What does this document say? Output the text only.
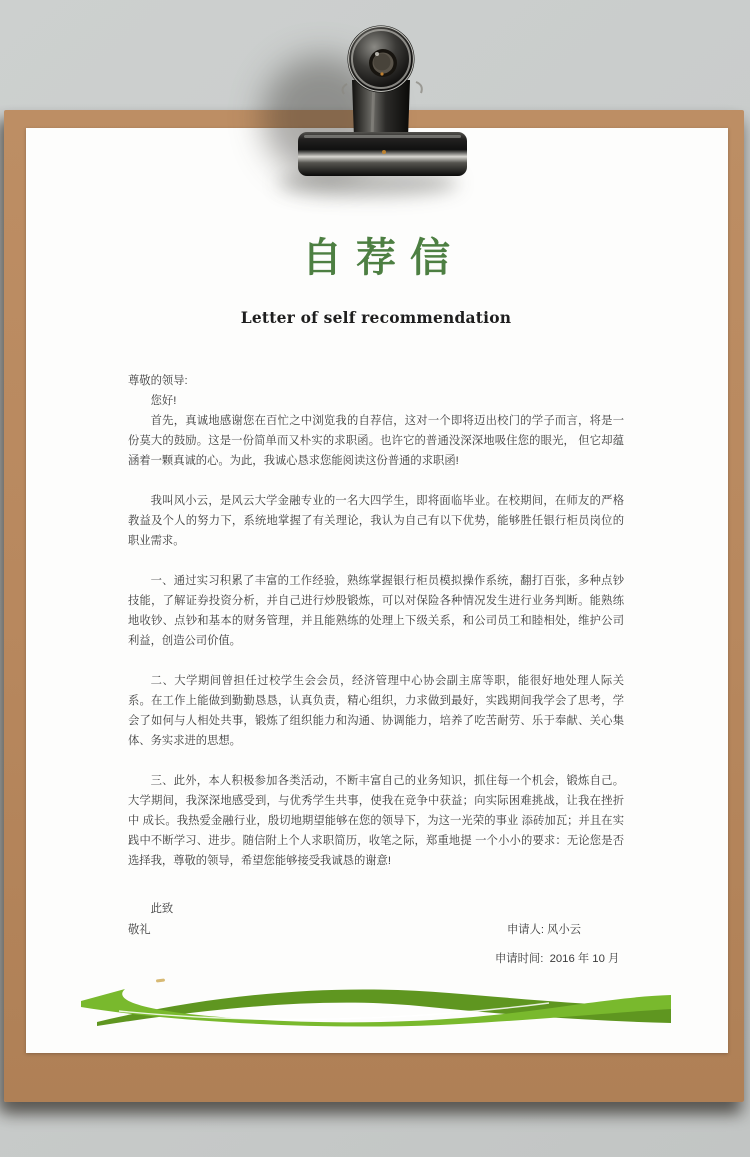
自荐信
Letter of self recommendation

尊敬的领导:

您好!

首先，真诚地感谢您在百忙之中浏览我的自荐信，这对一个即将迈出校门的学子而言，将是一份莫大的鼓励。这是一份简单而又朴实的求职函。也许它的普通没深深地吸住您的眼光， 但它却蕴涵着一颗真诚的心。为此，我诚心恳求您能阅读这份普通的求职函!

我叫风小云，是风云大学金融专业的一名大四学生，即将面临毕业。在校期间，在师友的严格 教益及个人的努力下，系统地掌握了有关理论，我认为自己有以下优势，能够胜任银行柜员岗位的职业需求。

一、通过实习积累了丰富的工作经验，熟练掌握银行柜员模拟操作系统，翻打百张，多种点钞技能，了解证券投资分析，并自己进行炒股锻炼，可以对保险各种情况发生进行业务判断。能熟练地收钞、点钞和基本的财务管理，并且能熟练的处理上下级关系，和公司员工和睦相处，维护公司利益，创造公司价值。

二、大学期间曾担任过校学生会会员，经济管理中心协会副主席等职，能很好地处理人际关系。在工作上能做到勤勤恳恳，认真负责，精心组织，力求做到最好，实践期间我学会了思考，学会了如何与人相处共事，锻炼了组织能力和沟通、协调能力，培养了吃苦耐劳、乐于奉献、关心集体、务实求进的思想。

三、此外，本人积极参加各类活动，不断丰富自己的业务知识，抓住每一个机会，锻炼自己。大学期间，我深深地感受到，与优秀学生共事，使我在竞争中获益；向实际困难挑战，让我在挫折中 成长。我热爱金融行业，殷切地期望能够在您的领导下，为这一光荣的事业 添砖加瓦；并且在实践中不断学习、进步。随信附上个人求职简历，收笔之际，郑重地提 一个小小的要求：无论您是否选择我，尊敬的领导，希望您能够接受我诚恳的谢意!

此致
敬礼	申请人: 风小云
申请时间:  2016 年 10 月
